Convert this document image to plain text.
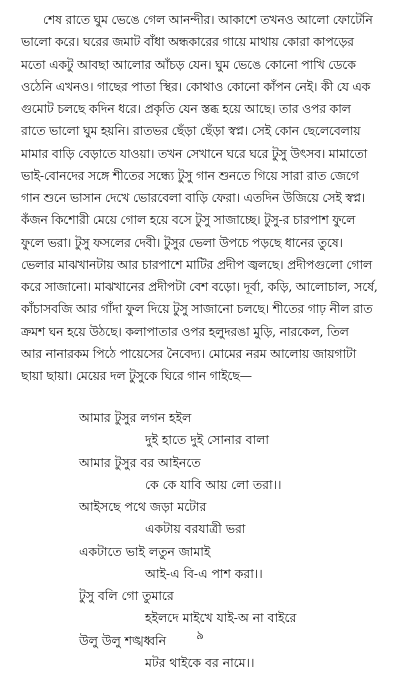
শেষ রাতে ঘুম ভেঙে গেল আনন্দীর। আকাশে তখনও আলো ফোটেনি
ভালো করে। ঘরের জমাট বাঁধা অন্ধকারের গায়ে মাথায় কোরা কাপড়ের
মতো একটু আবছা আলোর আঁচড় যেন। ঘুম ভেঙে কোনো পাখি ডেকে
ওঠেনি এখনও। গাছের পাতা স্থির। কোথাও কোনো কাঁপন নেই। কী যে এক
গুমোট চলছে কদিন ধরে। প্রকৃতি যেন স্তব্ধ হয়ে আছে। তার ওপর কাল
রাতে ভালো ঘুম হয়নি। রাতভর ছেঁড়া ছেঁড়া স্বপ্ন। সেই কোন ছেলেবেলায়
মামার বাড়ি বেড়াতে যাওয়া। তখন সেখানে ঘরে ঘরে টুসু উৎসব। মামাতো
ভাই-বোনদের সঙ্গে শীতের সন্ধ্যে টুসু গান শুনতে গিয়ে সারা রাত জেগে
গান শুনে ভাসান দেখে ভোরবেলা বাড়ি ফেরা। এতদিন উজিয়ে সেই স্বপ্ন।
কঁজন কিশোরী মেয়ে গোল হয়ে বসে টুসু সাজাচ্ছে। টুসু-র চারপাশ ফুলে
ফুলে ভরা। টুসু ফসলের দেবী। টুসুর ভেলা উপচে পড়ছে ধানের তুষে।
ভেলার মাঝখানটায় আর চারপাশে মাটির প্রদীপ জ্বলছে। প্রদীপগুলো গোল
করে সাজানো। মাঝখানের প্রদীপটা বেশ বড়ো। দূর্বা, কড়ি, আলোচাল, সর্ষে,
কাঁচাসবজি আর গাঁদা ফুল দিয়ে টুসু সাজানো চলছে। শীতের গাঢ় নীল রাত
ক্রমশ ঘন হয়ে উঠছে। কলাপাতার ওপর হলুদরঙা মুড়ি, নারকেল, তিল
আর নানারকম পিঠে পায়েসের নৈবেদ্য। মোমের নরম আলোয় জায়গাটা
ছায়া ছায়া। মেয়ের দল টুসুকে ঘিরে গান গাইছে—
আমার টুসুর লগন হইল
দুই হাতে দুই সোনার বালা
আমার টুসুর বর আইনতে
কে কে যাবি আয় লো তরা।।
আইসছে পথে জড়া মটোর
একটায় বরযাত্রী ভরা
একটাতে ভাই লতুন জামাই
আই-এ বি-এ পাশ করা।।
টুসু বলি গো তুমারে
হইলদে মাইখে যাই-অ না বাইরে
উলু উলু শঙ্খধ্বনি
মটর থাইকে বর নামে।।
৯
